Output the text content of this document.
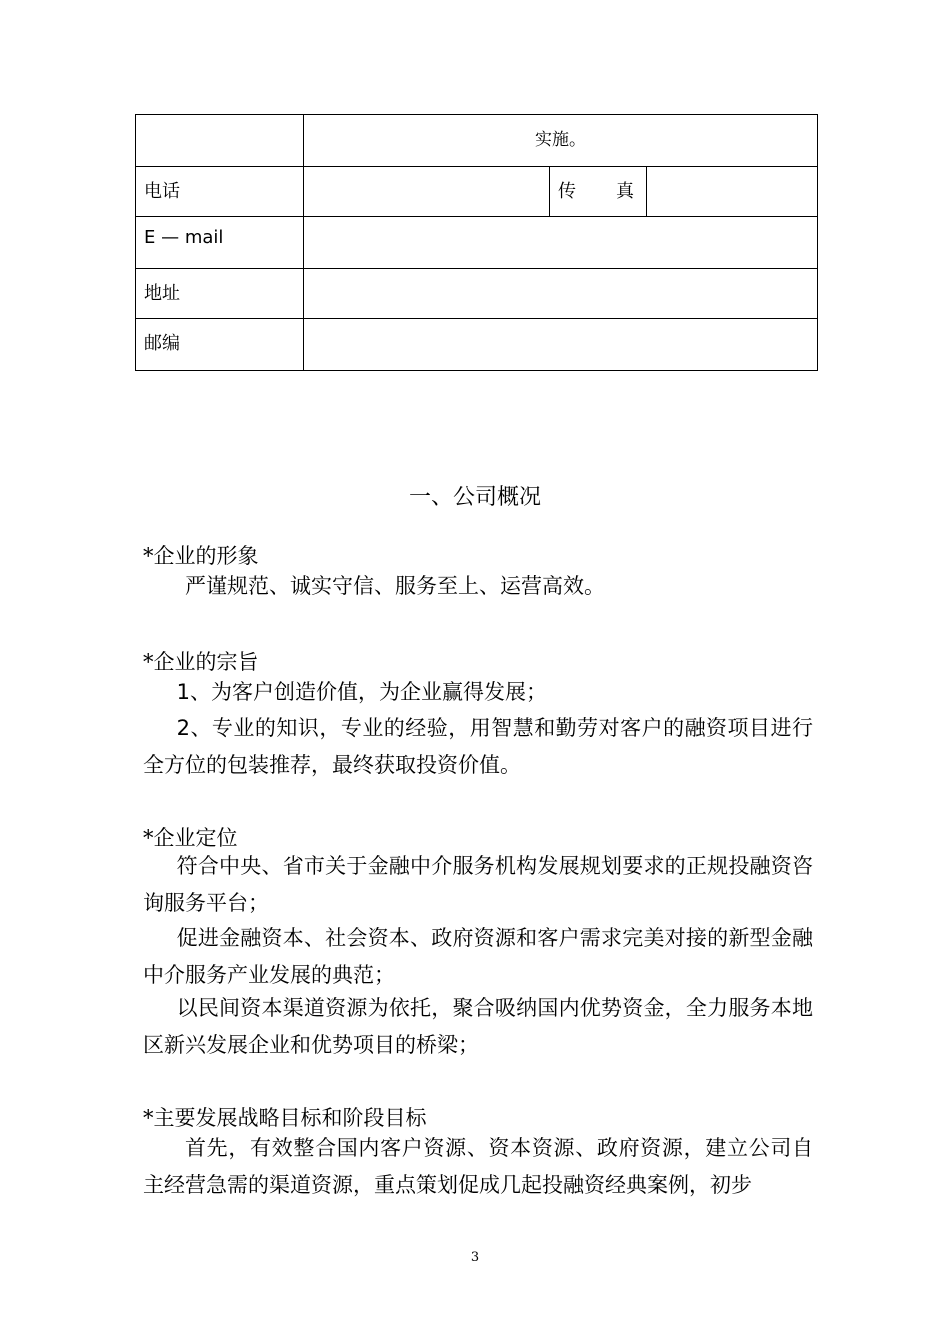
	实施。		

电话		传 真	

E — mail			

地址			

邮编			

一、公司概况

*企业的形象

严谨规范、诚实守信、服务至上、运营高效。

*企业的宗旨

1、为客户创造价值，为企业赢得发展；

2、专业的知识，专业的经验，用智慧和勤劳对客户的融资项目进行全方位的包装推荐，最终获取投资价值。

*企业定位

符合中央、省市关于金融中介服务机构发展规划要求的正规投融资咨询服务平台；

促进金融资本、社会资本、政府资源和客户需求完美对接的新型金融中介服务产业发展的典范；

以民间资本渠道资源为依托，聚合吸纳国内优势资金，全力服务本地区新兴发展企业和优势项目的桥梁；

*主要发展战略目标和阶段目标

首先，有效整合国内客户资源、资本资源、政府资源，建立公司自主经营急需的渠道资源，重点策划促成几起投融资经典案例，初步

3
